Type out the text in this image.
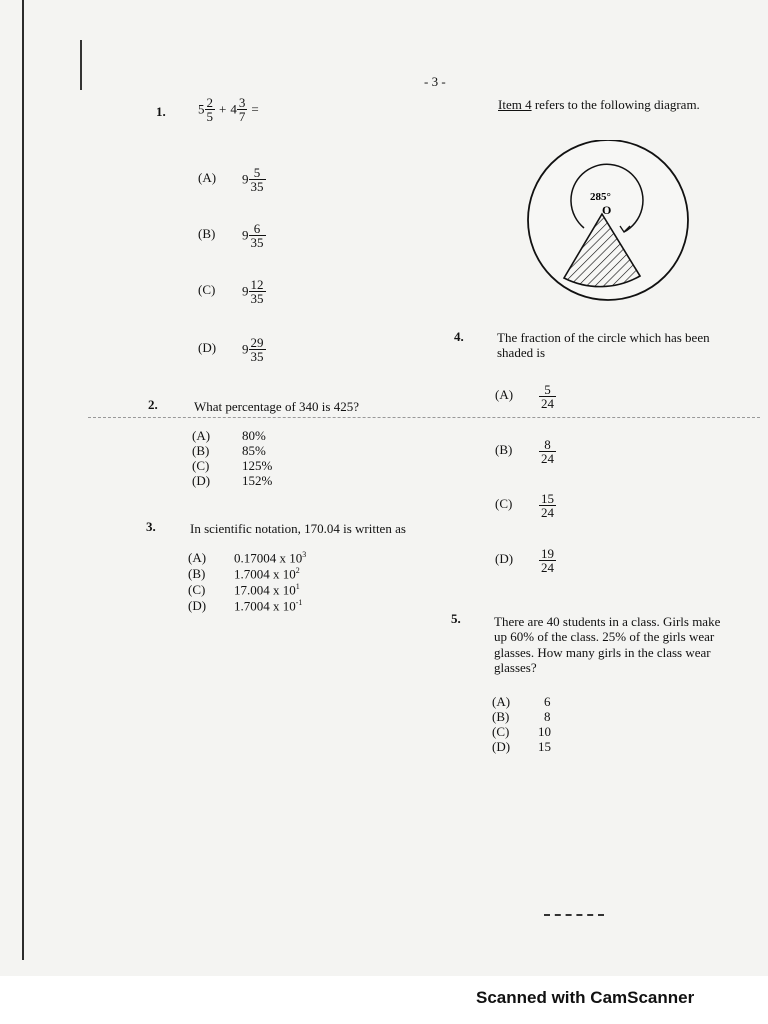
- 3 -
1. $5 \frac{2}{5} + 4 \frac{3}{7}$ =
(A) $9 \frac{5}{35}$
(B) $9 \frac{6}{35}$
(C) $9 \frac{12}{35}$
(D) $9 \frac{29}{35}$
2.	What percentage of 340 is 425?
(A) 80%
(B)	85%
(C)	125%
(D) 152%
3.	In scientific notation, 170.04 is written as
(A) 0.17004 x $10^3$
(B) 1.7004 x $10^2$
(C) 17.004 x $10^1$
(D) 1.7004 x $10^{-1}$
Item 4 refers to the following diagram.
285°
O
4.	The fraction of the circle which has been
shaded is
$(A) \frac{5}{24}$
$(B) \frac{8}{24}$
$(C) \frac{15}{24}$
$(D) \frac{19}{24}$
5.	There are 40 students in a class. Girls make
up 60% of the class. 25% of the girls wear
glasses. How many girls in the class wear
glasses?
(A)	6
(B)	8
(C) 10
(D) 15
Scanned with CamScanner
